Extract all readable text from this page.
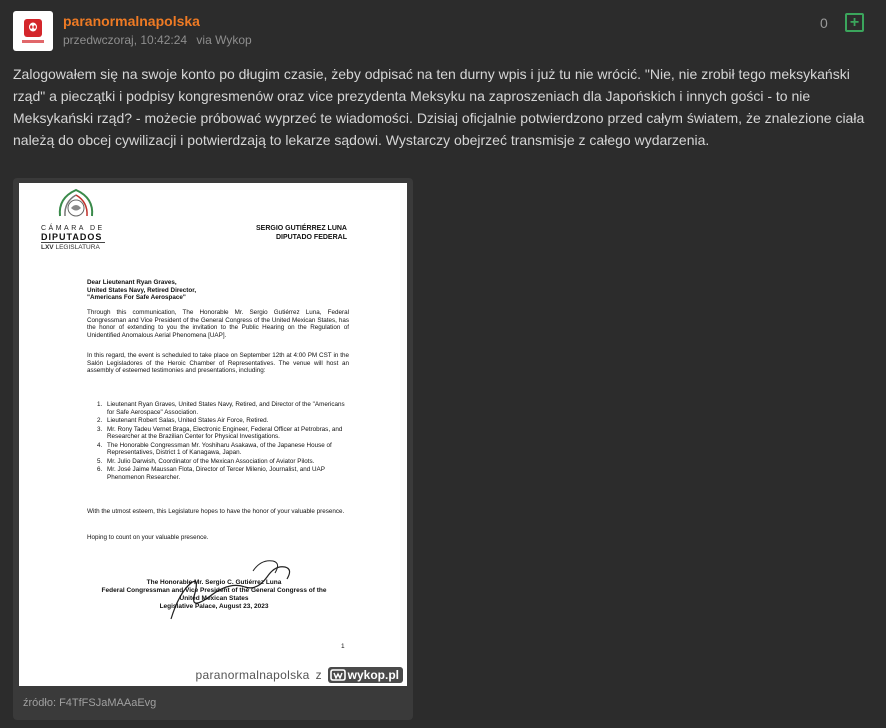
paranormalnapolska
przedwczoraj, 10:42:24 via Wykop
0	+
Zalogowałem się na swoje konto po długim czasie, żeby odpisać na ten durny wpis i już tu nie wrócić. "Nie, nie zrobił tego meksykański rząd" a pieczątki i podpisy kongresmenów oraz vice prezydenta Meksyku na zaproszeniach dla Japońskich i innych gości - to nie Meksykański rząd? - możecie próbować wyprzeć te wiadomości. Dzisiaj oficjalnie potwierdzono przed całym światem, że znalezione ciała należą do obcej cywilizacji i potwierdzają to lekarze sądowi. Wystarczy obejrzeć transmisje z całego wydarzenia.
CÁMARA DE
DIPUTADOS
LXV LEGISLATURA
SERGIO GUTIÉRREZ LUNA
DIPUTADO FEDERAL
Dear Lieutenant Ryan Graves,
United States Navy, Retired Director,
"Americans For Safe Aerospace"
Through this communication, The Honorable Mr. Sergio Gutiérrez Luna, Federal Congressman and Vice President of the General Congress of the United Mexican States, has the honor of extending to you the invitation to the Public Hearing on the Regulation of Unidentified Anomalous Aerial Phenomena [UAP].
In this regard, the event is scheduled to take place on September 12th at 4:00 PM CST in the Salón Legisladores of the Heroic Chamber of Representatives. The venue will host an assembly of esteemed testimonies and presentations, including:
1. Lieutenant Ryan Graves, United States Navy, Retired, and Director of the "Americans for Safe Aerospace" Association.
2. Lieutenant Robert Salas, United States Air Force, Retired.
3. Mr. Rony Tadeu Vernet Braga, Electronic Engineer, Federal Officer at Petrobras, and Researcher at the Brazilian Center for Physical Investigations.
4. The Honorable Congressman Mr. Yoshiharu Asakawa, of the Japanese House of Representatives, District 1 of Kanagawa, Japan.
5. Mr. Julio Darwish, Coordinator of the Mexican Association of Aviator Pilots.
6. Mr. José Jaime Maussan Flota, Director of Tercer Milenio, Journalist, and UAP Phenomenon Researcher.
With the utmost esteem, this Legislature hopes to have the honor of your valuable presence.
Hoping to count on your valuable presence.
The Honorable Mr. Sergio C. Gutiérrez Luna
Federal Congressman and Vice President of the General Congress of the
United Mexican States
Legislative Palace, August 23, 2023
1
paranormalnapolska z wykop.pl
źródło: F4TfFSJaMAAaEvg
